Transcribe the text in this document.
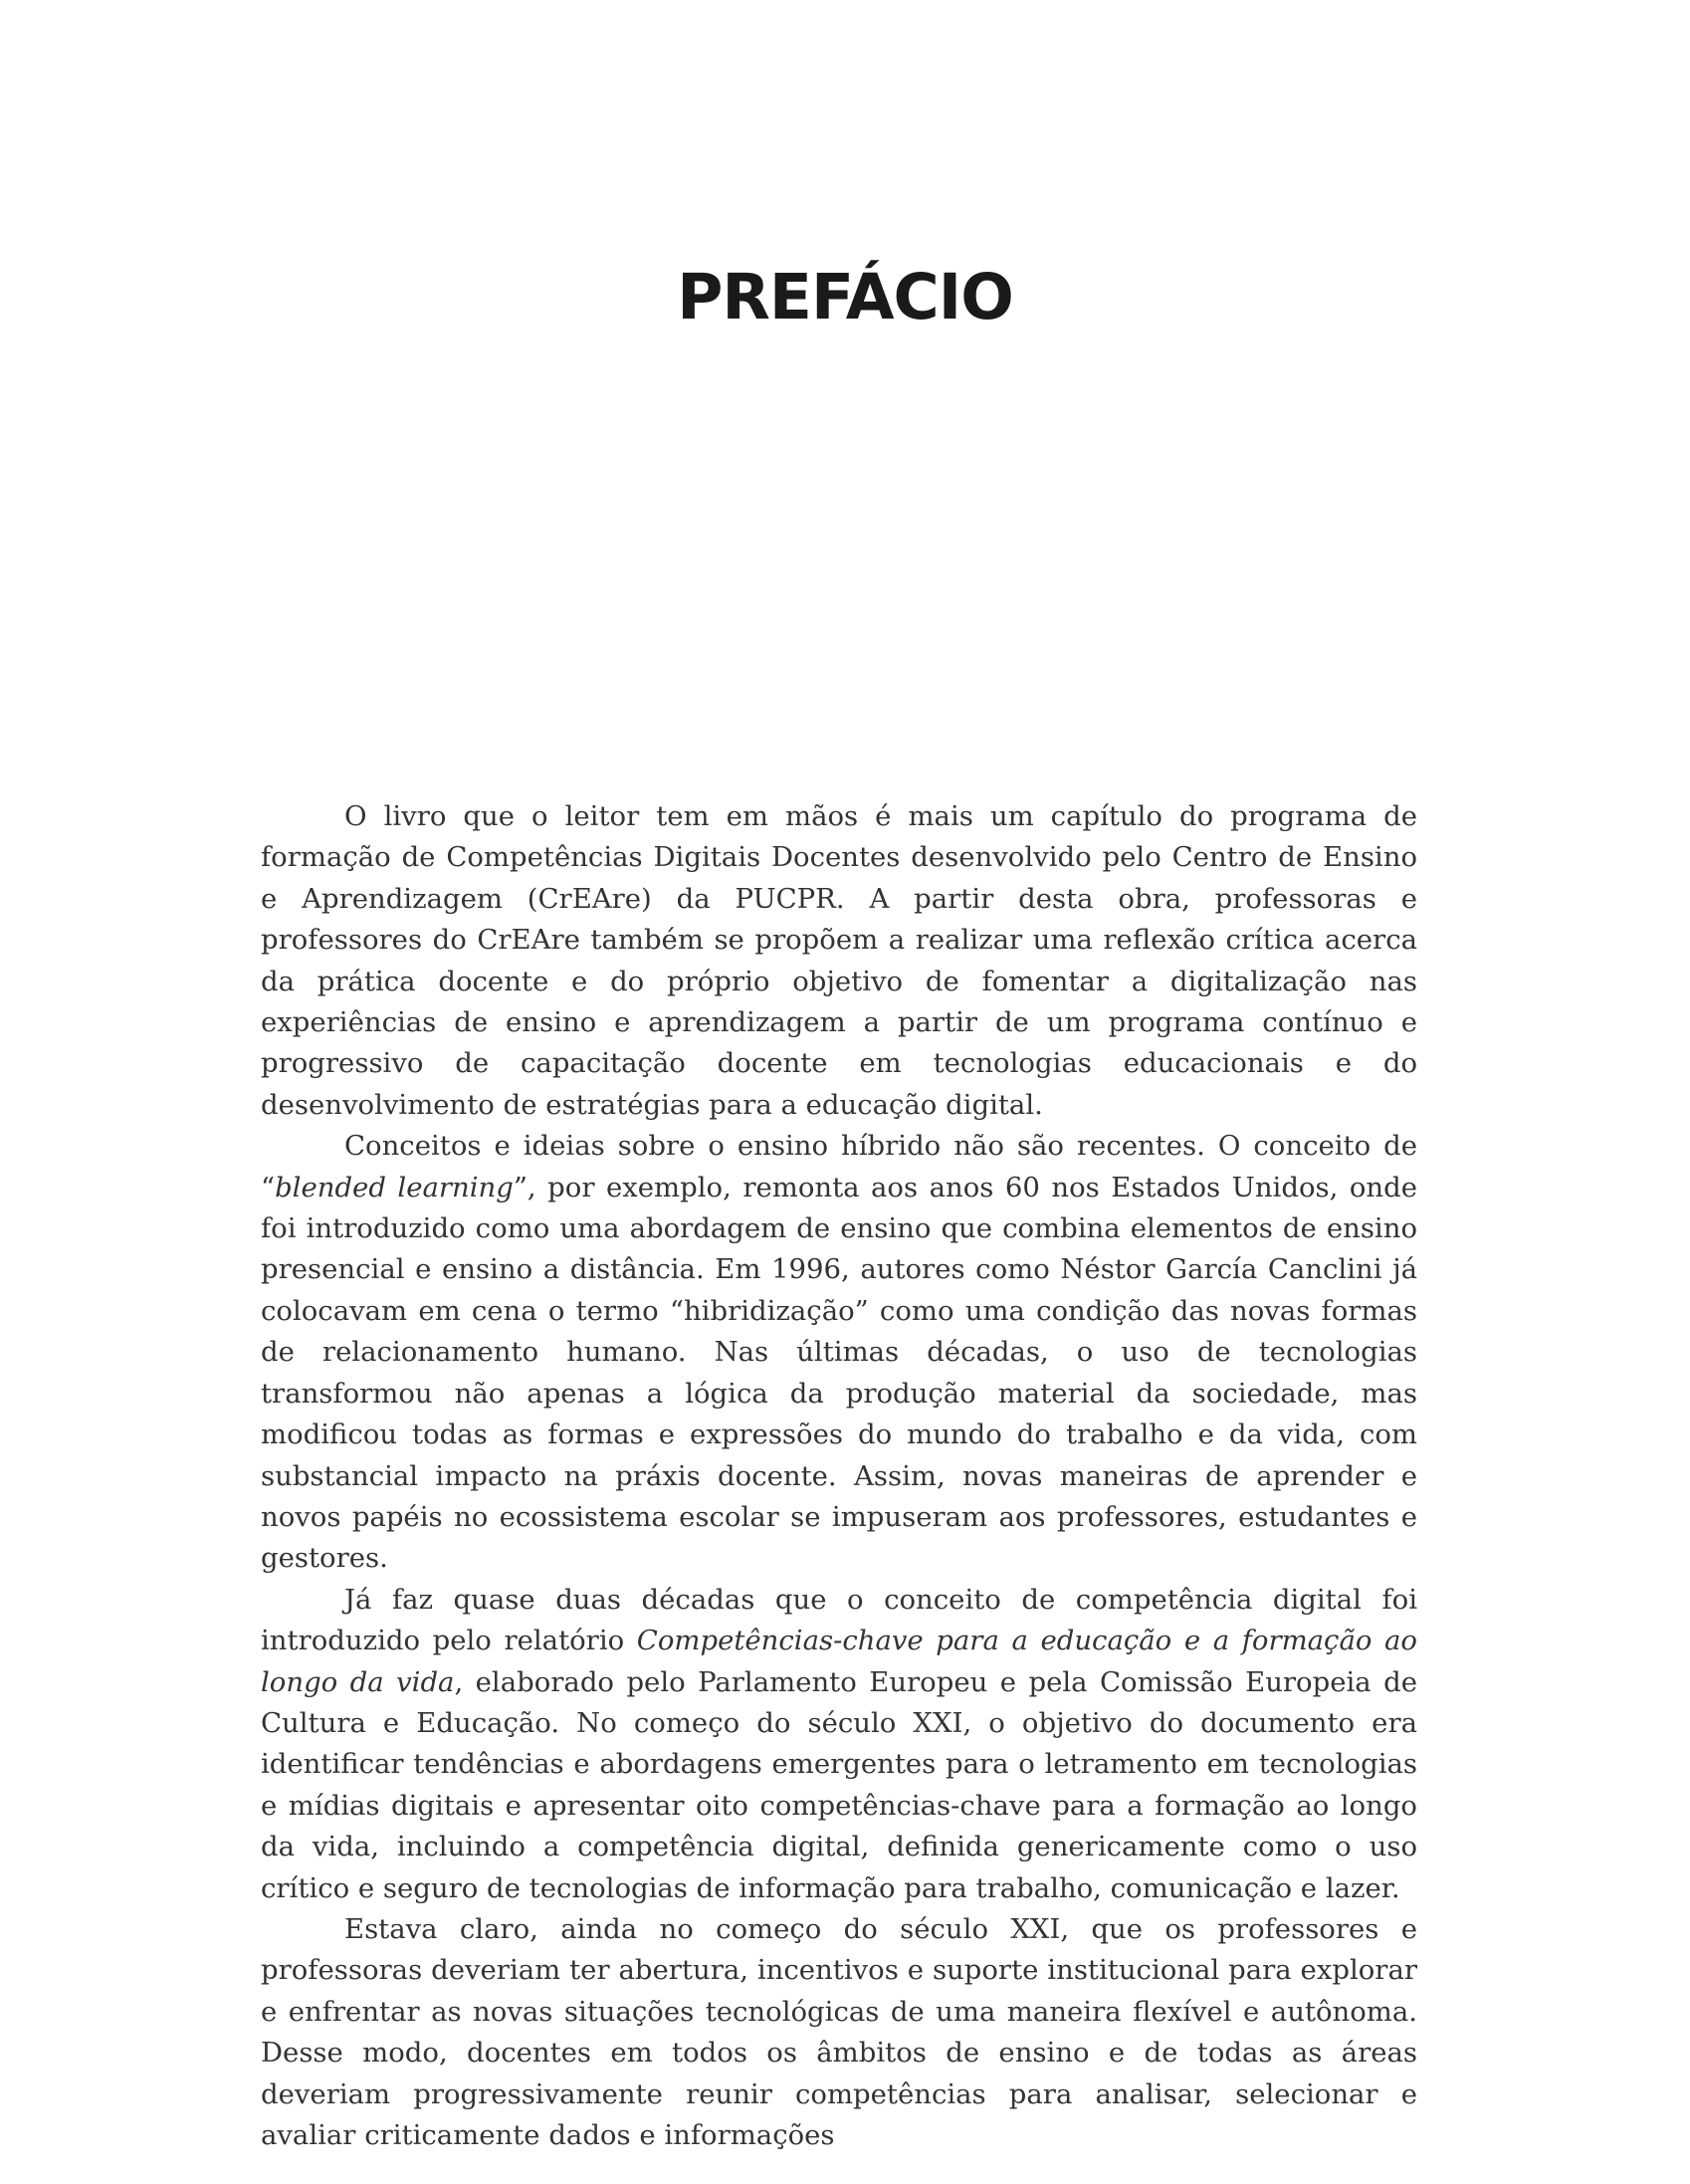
PREFÁCIO

O livro que o leitor tem em mãos é mais um capítulo do programa de formação de Competências Digitais Docentes desenvolvido pelo Centro de Ensino e Aprendizagem (CrEAre) da PUCPR. A partir desta obra, professoras e professores do CrEAre também se propõem a realizar uma reflexão crítica acerca da prática docente e do próprio objetivo de fomentar a digitalização nas experiências de ensino e aprendizagem a partir de um programa contínuo e progressivo de capacitação docente em tecnologias educacionais e do desenvolvimento de estratégias para a educação digital.

Conceitos e ideias sobre o ensino híbrido não são recentes. O conceito de “blended learning”, por exemplo, remonta aos anos 60 nos Estados Unidos, onde foi introduzido como uma abordagem de ensino que combina elementos de ensino presencial e ensino a distância. Em 1996, autores como Néstor García Canclini já colocavam em cena o termo “hibridização” como uma condição das novas formas de relacionamento humano. Nas últimas décadas, o uso de tecnologias transformou não apenas a lógica da produção material da sociedade, mas modificou todas as formas e expressões do mundo do trabalho e da vida, com substancial impacto na práxis docente. Assim, novas maneiras de aprender e novos papéis no ecossistema escolar se impuseram aos professores, estudantes e gestores.

Já faz quase duas décadas que o conceito de competência digital foi introduzido pelo relatório Competências-chave para a educação e a formação ao longo da vida, elaborado pelo Parlamento Europeu e pela Comissão Europeia de Cultura e Educação. No começo do século XXI, o objetivo do documento era identificar tendências e abordagens emergentes para o letramento em tecnologias e mídias digitais e apresentar oito competências-chave para a formação ao longo da vida, incluindo a competência digital, definida genericamente como o uso crítico e seguro de tecnologias de informação para trabalho, comunicação e lazer.

Estava claro, ainda no começo do século XXI, que os professores e professoras deveriam ter abertura, incentivos e suporte institucional para explorar e enfrentar as novas situações tecnológicas de uma maneira flexível e autônoma. Desse modo, docentes em todos os âmbitos de ensino e de todas as áreas deveriam progressivamente reunir competências para analisar, selecionar e avaliar criticamente dados e informações
